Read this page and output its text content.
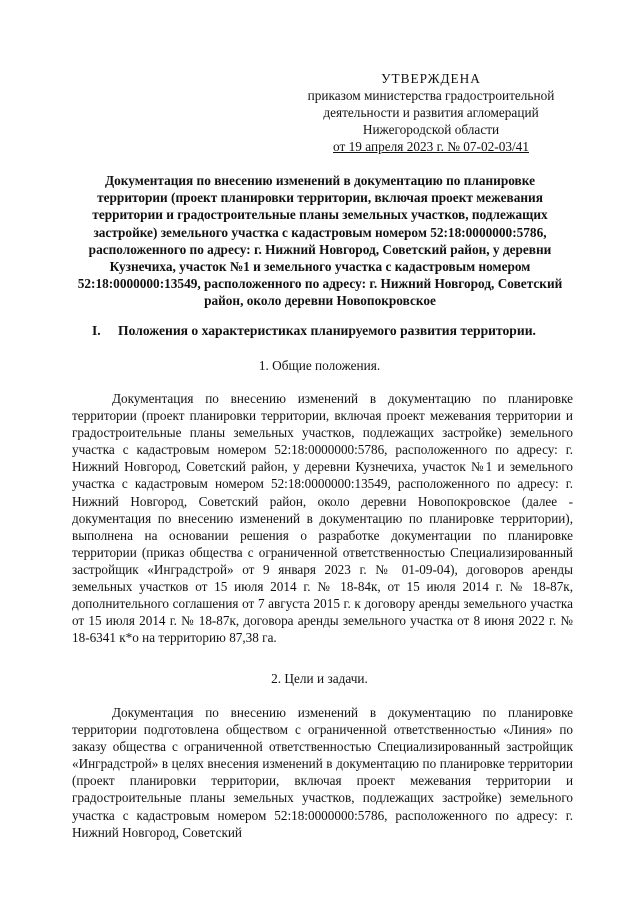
УТВЕРЖДЕНА
приказом министерства градостроительной
деятельности и развития агломераций
Нижегородской области
от 19 апреля 2023 г. № 07-02-03/41
Документация по внесению изменений в документацию по планировке территории (проект планировки территории, включая проект межевания территории и градостроительные планы земельных участков, подлежащих застройке) земельного участка с кадастровым номером 52:18:0000000:5786, расположенного по адресу: г. Нижний Новгород, Советский район, у деревни Кузнечиха, участок №1 и земельного участка с кадастровым номером 52:18:0000000:13549, расположенного по адресу: г. Нижний Новгород, Советский район, около деревни Новопокровское
I. Положения о характеристиках планируемого развития территории.
1. Общие положения.
Документация по внесению изменений в документацию по планировке территории (проект планировки территории, включая проект межевания территории и градостроительные планы земельных участков, подлежащих застройке) земельного участка с кадастровым номером 52:18:0000000:5786, расположенного по адресу: г. Нижний Новгород, Советский район, у деревни Кузнечиха, участок №1 и земельного участка с кадастровым номером 52:18:0000000:13549, расположенного по адресу: г. Нижний Новгород, Советский район, около деревни Новопокровское (далее - документация по внесению изменений в документацию по планировке территории), выполнена на основании решения о разработке документации по планировке территории (приказ общества с ограниченной ответственностью Специализированный застройщик «Инградстрой» от 9 января 2023 г. № 01-09-04), договоров аренды земельных участков от 15 июля 2014 г. № 18-84к, от 15 июля 2014 г. № 18-87к, дополнительного соглашения от 7 августа 2015 г. к договору аренды земельного участка от 15 июля 2014 г. № 18-87к, договора аренды земельного участка от 8 июня 2022 г. № 18-6341 к*о на территорию 87,38 га.
2. Цели и задачи.
Документация по внесению изменений в документацию по планировке территории подготовлена обществом с ограниченной ответственностью «Линия» по заказу общества с ограниченной ответственностью Специализированный застройщик «Инградстрой» в целях внесения изменений в документацию по планировке территории (проект планировки территории, включая проект межевания территории и градостроительные планы земельных участков, подлежащих застройке) земельного участка с кадастровым номером 52:18:0000000:5786, расположенного по адресу: г. Нижний Новгород, Советский
